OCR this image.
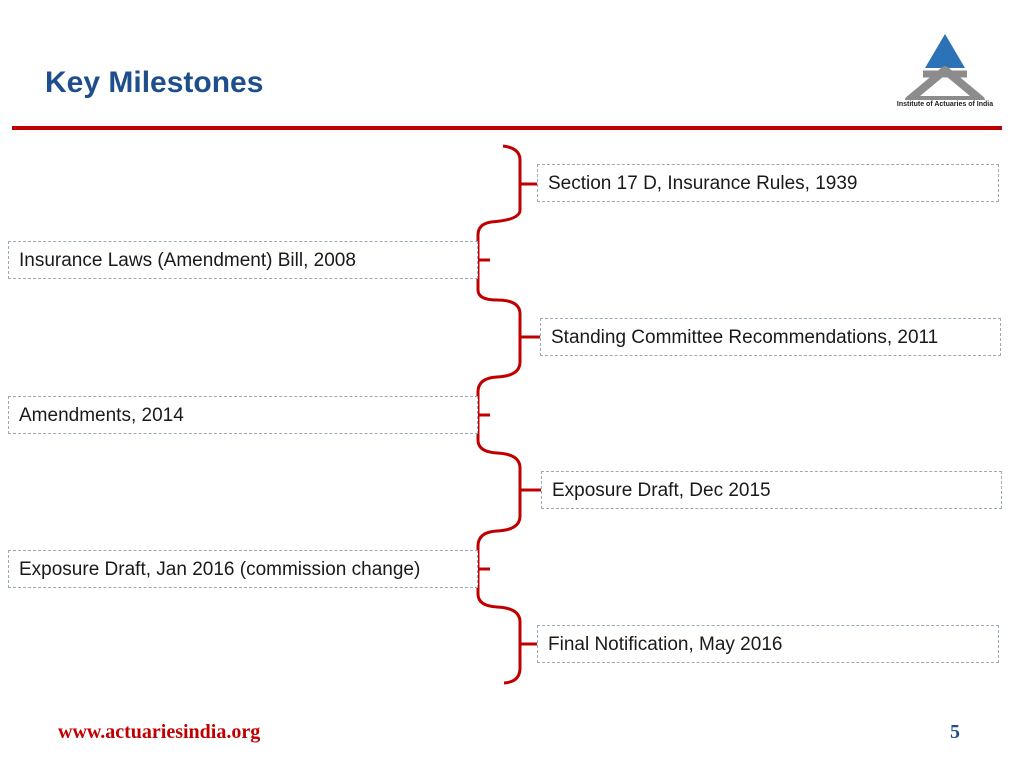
Key Milestones
Institute of Actuaries of India
Section 17 D, Insurance Rules, 1939
Insurance Laws (Amendment) Bill, 2008
Standing Committee Recommendations, 2011
Amendments, 2014
Exposure Draft, Dec 2015
Exposure Draft, Jan 2016 (commission change)
Final Notification, May 2016
www.actuariesindia.org	5
